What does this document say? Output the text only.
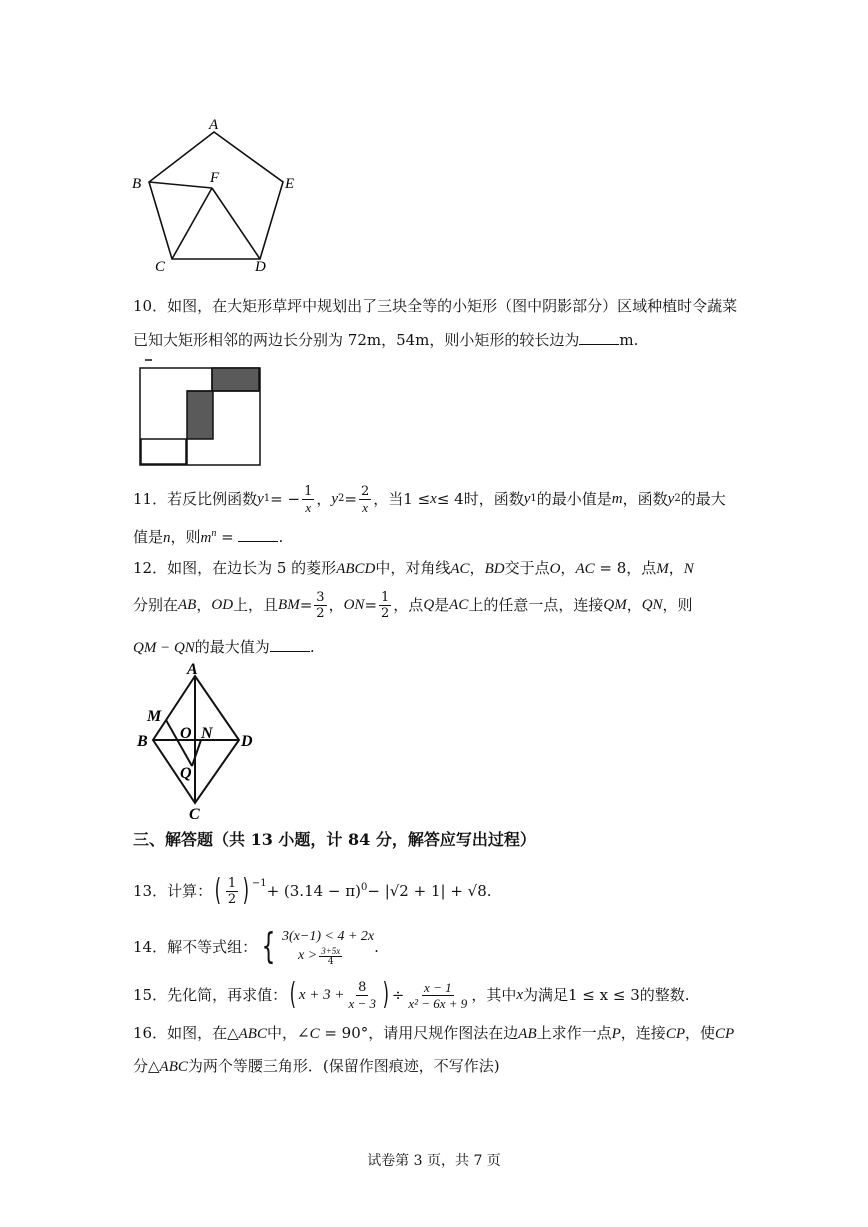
A
B	F	E
C	D
10．如图，在大矩形草坪中规划出了三块全等的小矩形（图中阴影部分）区域种植时令蔬菜
已知大矩形相邻的两边长分别为 72m，54m，则小矩形的较长边为	m.
11． 若反比例函数 y 1 = − $\frac{1}{x}$ ， y $2 = \frac{2}{x}$ ，当1 ≤ x ≤ 4时，函数 y 1 的最小值是 m ，函数 y 2 的最大
值是n，则$m^n$ =	.
12．如图，在边长为 5 的菱形ABCD中，对角线AC，BD交于点O，AC = 8，点M，N
分别在 AB ， OD 上，且 BM = $\frac{3}{2}$ ， ON = $\frac{1}{2}$ ，点 Q 是 AC 上的任意一点，连接 QM ， QN ，则
QM − QN的最大值为	.
A
M
B O N D
Q
C
三、解答题（共 13 小题，计 84 分，解答应写出过程）
13． 计算： ( $\frac{1}{2}$ ) $^{-1} + (3.14 - \pi)^0 - |√2 + 1| + √8$ .
14． 解不等式组： { 3(x−1) < 4 + 2x
$x > \frac{3+5x}{4}$ .
15． 先化简，再求值： ( $x + 3 + \frac{8}{x - 3}$ ) ÷ $\frac{x - 1}{\text{x² − 6x + 9}}$ ，其中 x 为满足1 ≤ x ≤ 3的整数.
16．如图，在△ABC中，∠C = 90°，请用尺规作图法在边AB上求作一点P，连接CP，使CP
分△ABC为两个等腰三角形．(保留作图痕迹，不写作法)
试卷第 3 页，共 7 页
